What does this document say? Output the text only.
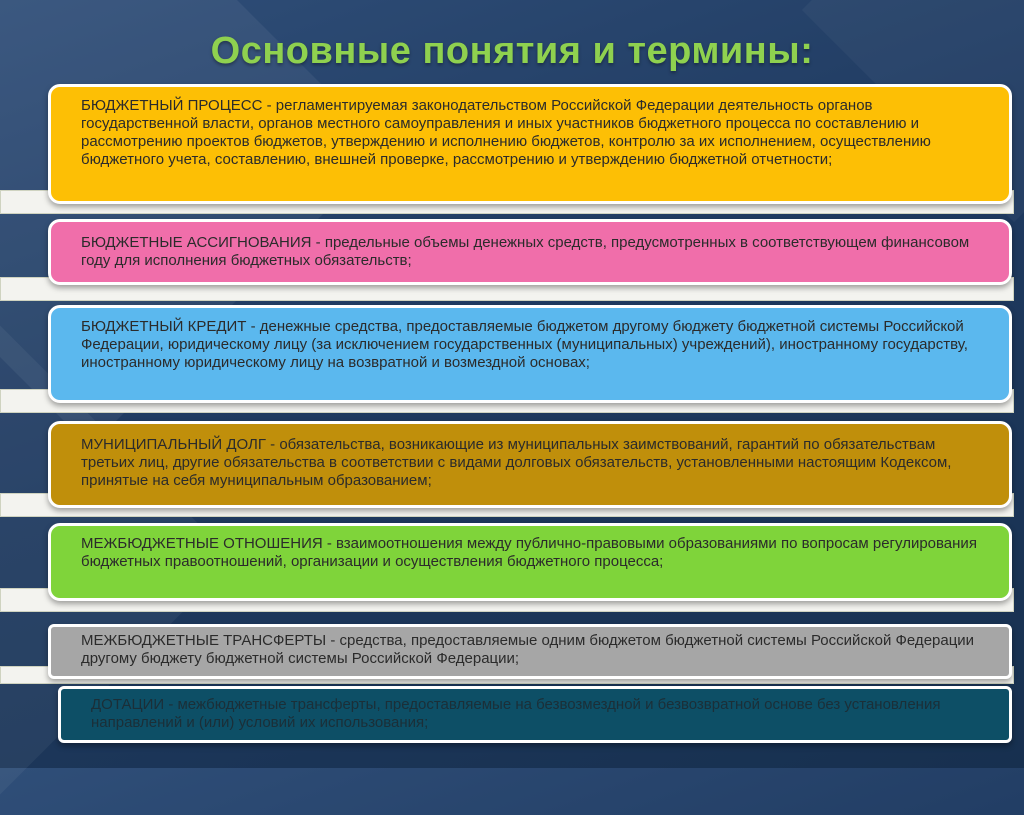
Основные понятия и термины:
БЮДЖЕТНЫЙ ПРОЦЕСС - регламентируемая законодательством Российской Федерации деятельность органов государственной власти, органов местного самоуправления и иных участников бюджетного процесса по составлению и рассмотрению проектов бюджетов, утверждению и исполнению бюджетов, контролю за их исполнением, осуществлению бюджетного учета, составлению, внешней проверке, рассмотрению и утверждению бюджетной отчетности;
БЮДЖЕТНЫЕ АССИГНОВАНИЯ - предельные объемы денежных средств, предусмотренных в соответствующем финансовом году для исполнения бюджетных обязательств;
БЮДЖЕТНЫЙ КРЕДИТ - денежные средства, предоставляемые бюджетом другому бюджету бюджетной системы Российской Федерации, юридическому лицу (за исключением государственных (муниципальных) учреждений), иностранному государству, иностранному юридическому лицу на возвратной и возмездной основах;
МУНИЦИПАЛЬНЫЙ ДОЛГ - обязательства, возникающие из муниципальных заимствований, гарантий по обязательствам третьих лиц, другие обязательства в соответствии с видами долговых обязательств, установленными настоящим Кодексом, принятые на себя муниципальным образованием;
МЕЖБЮДЖЕТНЫЕ ОТНОШЕНИЯ - взаимоотношения между публично-правовыми образованиями по вопросам регулирования бюджетных правоотношений, организации и осуществления бюджетного процесса;
МЕЖБЮДЖЕТНЫЕ ТРАНСФЕРТЫ - средства, предоставляемые одним бюджетом бюджетной системы Российской Федерации другому бюджету бюджетной системы Российской Федерации;
ДОТАЦИИ - межбюджетные трансферты, предоставляемые на безвозмездной и безвозвратной основе без установления направлений и (или) условий их использования;
